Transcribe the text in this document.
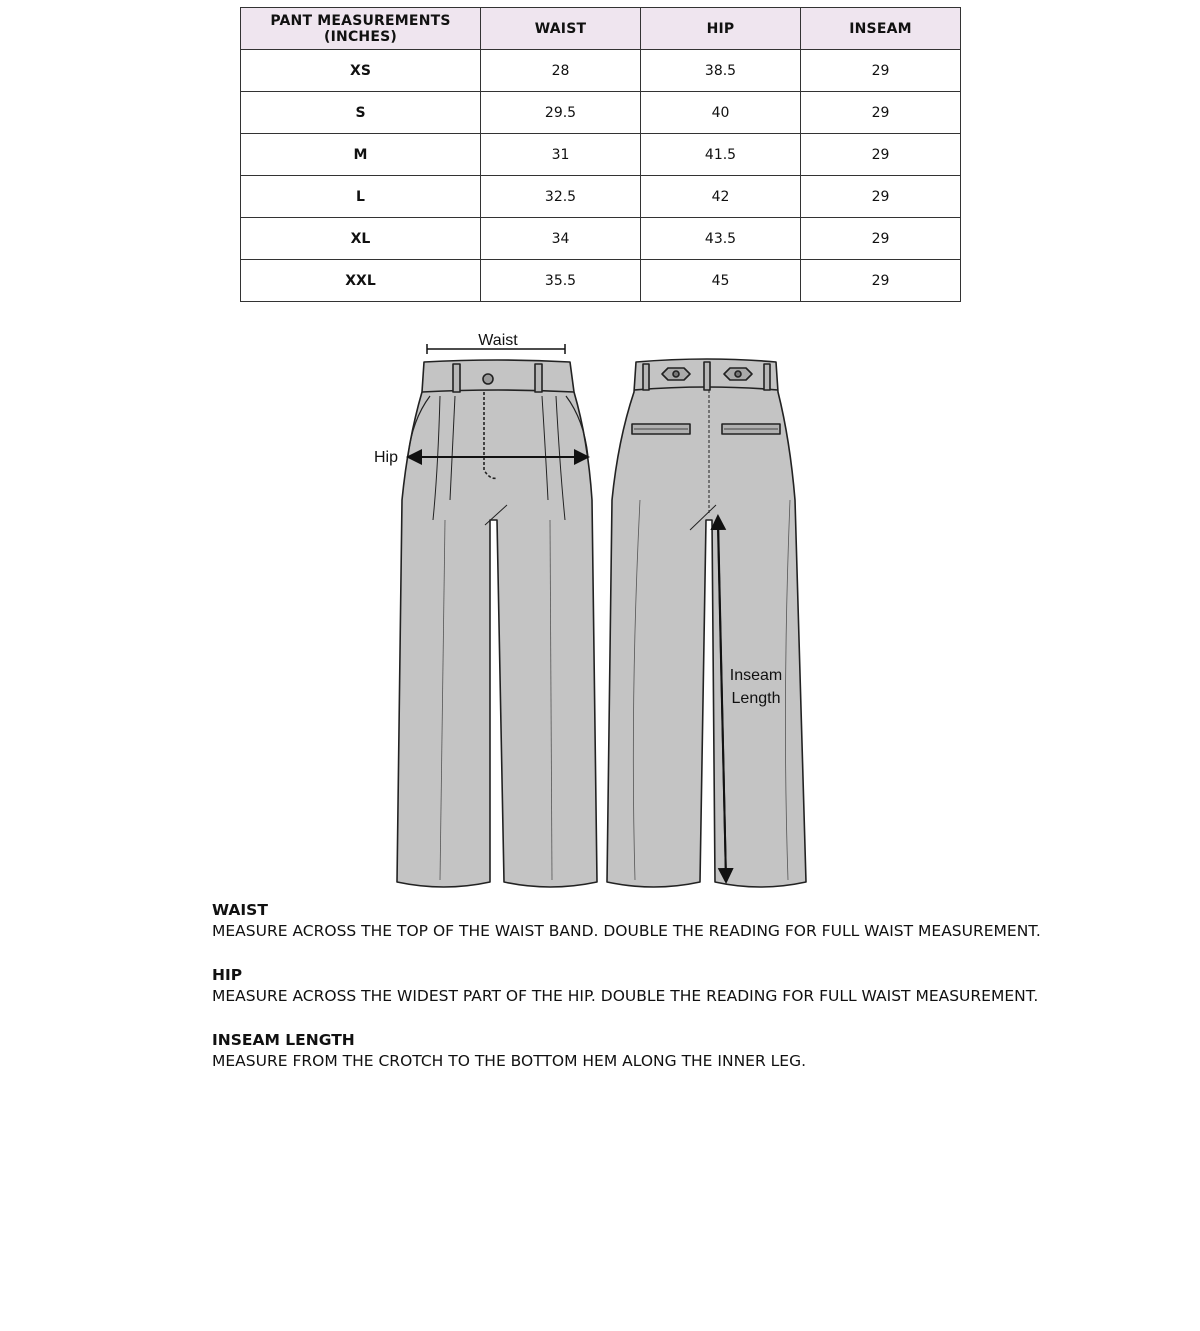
PANT MEASUREMENTS (INCHES)	WAIST	HIP	INSEAM
XS	28	38.5	29
S	29.5	40	29
M	31	41.5	29
L	32.5	42	29
XL	34	43.5	29
XXL	35.5	45	29
Waist
Hip
Inseam
Length
WAIST
MEASURE ACROSS THE TOP OF THE WAIST BAND. DOUBLE THE READING FOR FULL WAIST MEASUREMENT.
HIP
MEASURE ACROSS THE WIDEST PART OF THE HIP. DOUBLE THE READING FOR FULL WAIST MEASUREMENT.
INSEAM LENGTH
MEASURE FROM THE CROTCH TO THE BOTTOM HEM ALONG THE INNER LEG.
